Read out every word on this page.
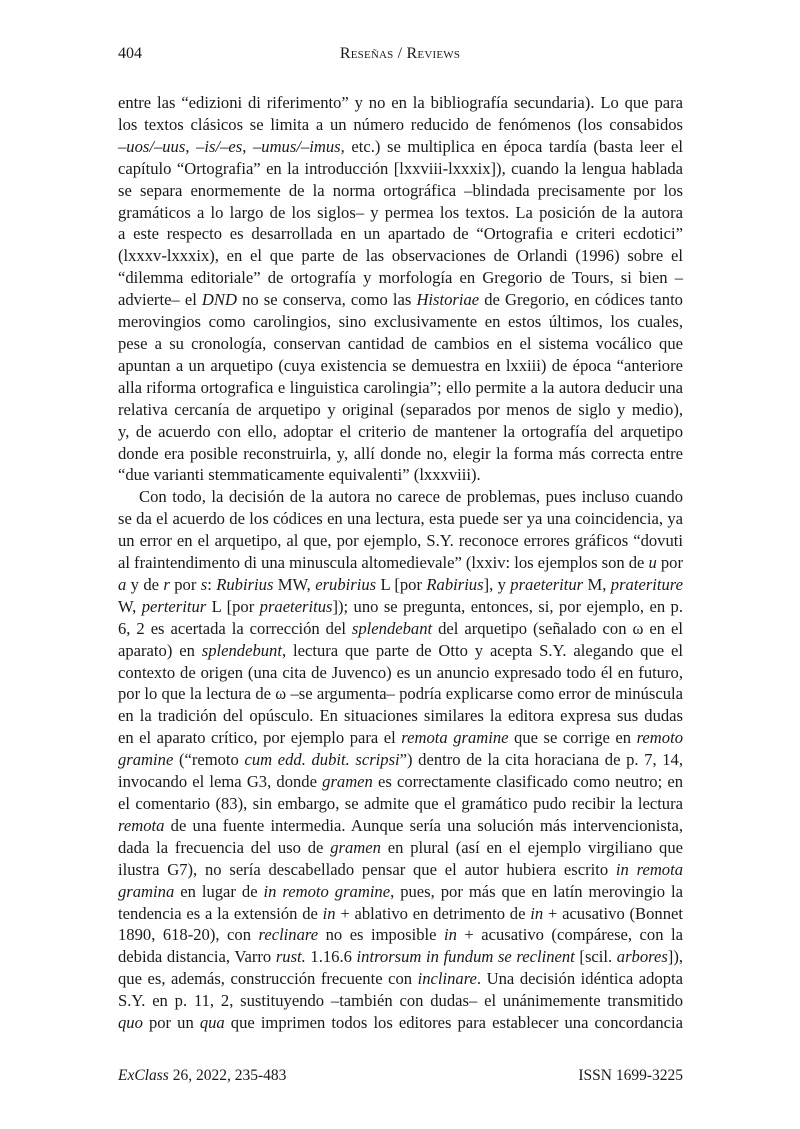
404	Reseñas / Reviews
entre las “edizioni di riferimento” y no en la bibliografía secundaria). Lo que para
los textos clásicos se limita a un número reducido de fenómenos (los consabidos
–uos/–uus, –is/–es, –umus/–imus, etc.) se multiplica en época tardía (basta leer el
capítulo “Ortografia” en la introducción [lxxviii-lxxxix]), cuando la lengua hablada
se separa enormemente de la norma ortográfica –blindada precisamente por los
gramáticos a lo largo de los siglos– y permea los textos. La posición de la autora
a este respecto es desarrollada en un apartado de “Ortografia e criteri ecdotici”
(lxxxv-lxxxix), en el que parte de las observaciones de Orlandi (1996) sobre el
“dilemma editoriale” de ortografía y morfología en Gregorio de Tours, si bien –
advierte– el DND no se conserva, como las Historiae de Gregorio, en códices tanto
merovingios como carolingios, sino exclusivamente en estos últimos, los cuales,
pese a su cronología, conservan cantidad de cambios en el sistema vocálico que
apuntan a un arquetipo (cuya existencia se demuestra en lxxiii) de época “anteriore
alla riforma ortografica e linguistica carolingia”; ello permite a la autora deducir una
relativa cercanía de arquetipo y original (separados por menos de siglo y medio),
y, de acuerdo con ello, adoptar el criterio de mantener la ortografía del arquetipo
donde era posible reconstruirla, y, allí donde no, elegir la forma más correcta entre
“due varianti stemmaticamente equivalenti” (lxxxviii).
Con todo, la decisión de la autora no carece de problemas, pues incluso cuando
se da el acuerdo de los códices en una lectura, esta puede ser ya una coincidencia, ya
un error en el arquetipo, al que, por ejemplo, S.Y. reconoce errores gráficos “dovuti
al fraintendimento di una minuscula altomedievale” (lxxiv: los ejemplos son de u por
a y de r por s: Rubirius MW, erubirius L [por Rabirius], y praeteritur M, prateriture
W, perteritur L [por praeteritus]); uno se pregunta, entonces, si, por ejemplo, en p.
6, 2 es acertada la corrección del splendebant del arquetipo (señalado con ω en el
aparato) en splendebunt, lectura que parte de Otto y acepta S.Y. alegando que el
contexto de origen (una cita de Juvenco) es un anuncio expresado todo él en futuro,
por lo que la lectura de ω –se argumenta– podría explicarse como error de minúscula
en la tradición del opúsculo. En situaciones similares la editora expresa sus dudas
en el aparato crítico, por ejemplo para el remota gramine que se corrige en remoto
gramine (“remoto cum edd. dubit. scripsi”) dentro de la cita horaciana de p. 7, 14,
invocando el lema G3, donde gramen es correctamente clasificado como neutro; en
el comentario (83), sin embargo, se admite que el gramático pudo recibir la lectura
remota de una fuente intermedia. Aunque sería una solución más intervencionista,
dada la frecuencia del uso de gramen en plural (así en el ejemplo virgiliano que
ilustra G7), no sería descabellado pensar que el autor hubiera escrito in remota
gramina en lugar de in remoto gramine, pues, por más que en latín merovingio la
tendencia es a la extensión de in + ablativo en detrimento de in + acusativo (Bonnet
1890, 618-20), con reclinare no es imposible in + acusativo (compárese, con la
debida distancia, Varro rust. 1.16.6 introrsum in fundum se reclinent [scil. arbores]),
que es, además, construcción frecuente con inclinare. Una decisión idéntica adopta
S.Y. en p. 11, 2, sustituyendo –también con dudas– el unánimemente transmitido
quo por un qua que imprimen todos los editores para establecer una concordancia
ExClass 26, 2022, 235-483	ISSN 1699-3225
